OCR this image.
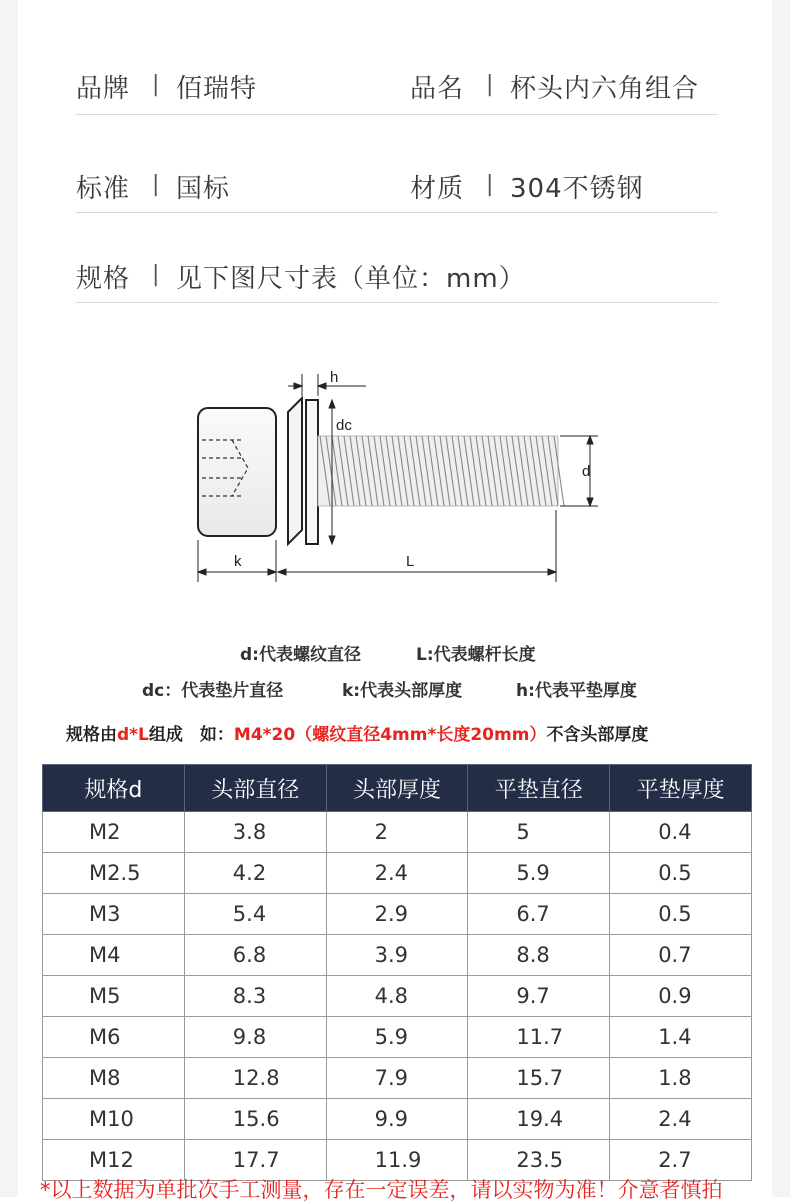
品牌 | 佰瑞特	品名 | 杯头内六角组合
标准 | 国标	材质 | 304不锈钢
规格 | 见下图尺寸表（单位：mm）
h
dc
d
k	L
d:代表螺纹直径	L:代表螺杆长度
dc：代表垫片直径	k:代表头部厚度	h:代表平垫厚度
规格由d*L组成　如：M4*20（螺纹直径4mm*长度20mm）不含头部厚度
规格d	头部直径	头部厚度	平垫直径	平垫厚度
M2	3.8	2	5	0.4
M2.5	4.2	2.4	5.9	0.5
M3	5.4	2.9	6.7	0.5
M4	6.8	3.9	8.8	0.7
M5	8.3	4.8	9.7	0.9
M6	9.8	5.9	11.7	1.4
M8	12.8	7.9	15.7	1.8
M10	15.6	9.9	19.4	2.4
M12	17.7	11.9	23.5	2.7
*以上数据为单批次手工测量，存在一定误差，请以实物为准！介意者慎拍
